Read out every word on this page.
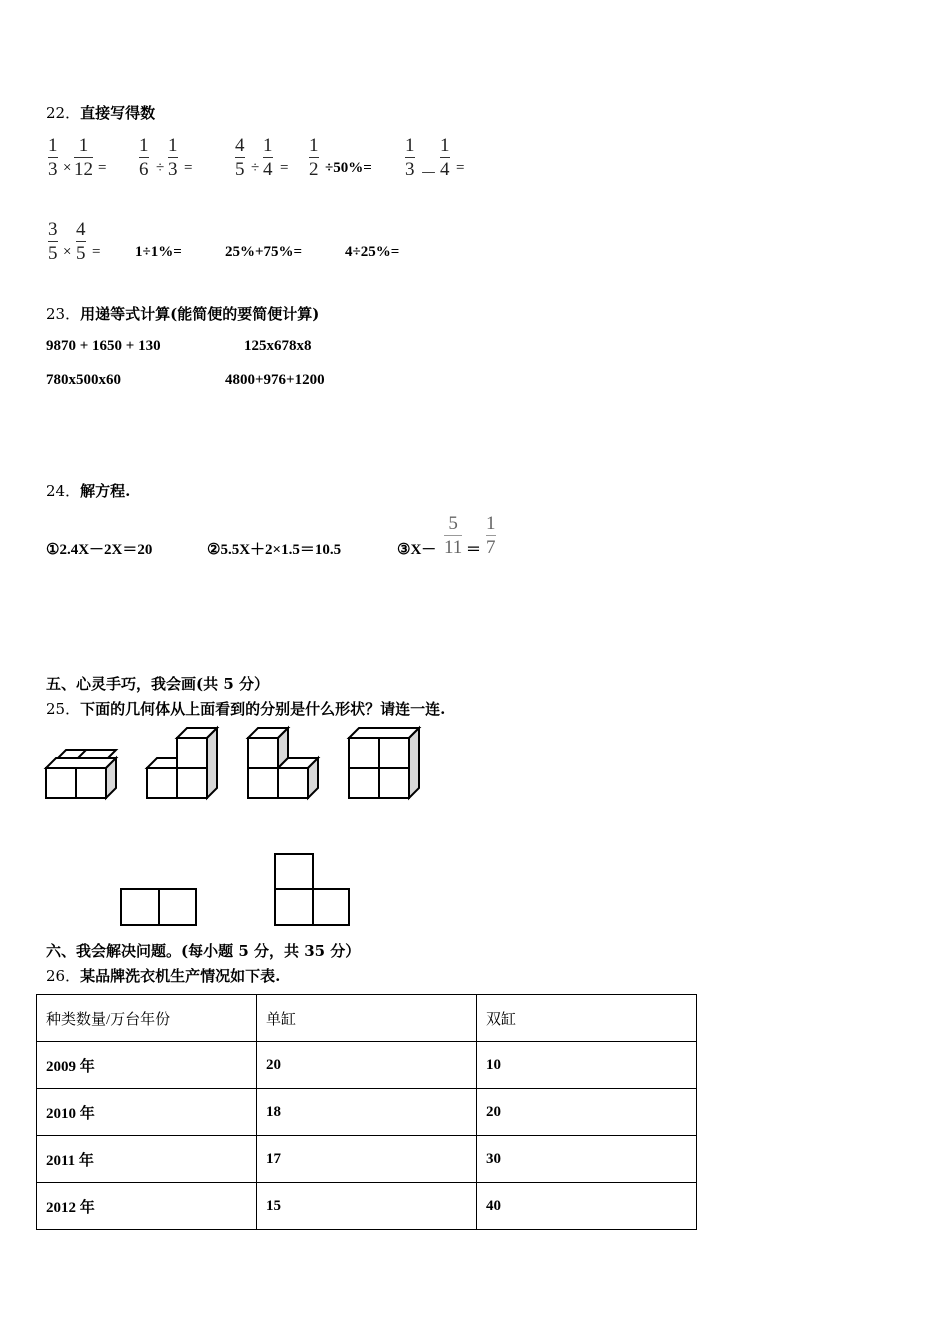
22．直接写得数
1
3 ×
1
12 =
1
6 ÷
1
3 =
4
5 ÷
1
4 =
1
2 ÷50%=
1
3 －
1
4 =
3
5 ×
4
5 = 1÷1%=	25%+75%=	4÷25%=
23．用递等式计算(能简便的要简便计算)
9870 + 1650 + 130	125x678x8
780x500x60	4800+976+1200
24．解方程.
①2.4X－2X＝20	②5.5X＋2×1.5＝10.5	③X－
5
11 ＝
1
7
五、心灵手巧，我会画(共 5 分）
25．下面的几何体从上面看到的分别是什么形状？请连一连.
六、我会解决问题。(每小题 5 分，共 35 分）
26．某品牌洗衣机生产情况如下表.
种类数量/万台年份	单缸	双缸
2009 年	20	10
2010 年	18	20
2011 年	17	30
2012 年	15	40
